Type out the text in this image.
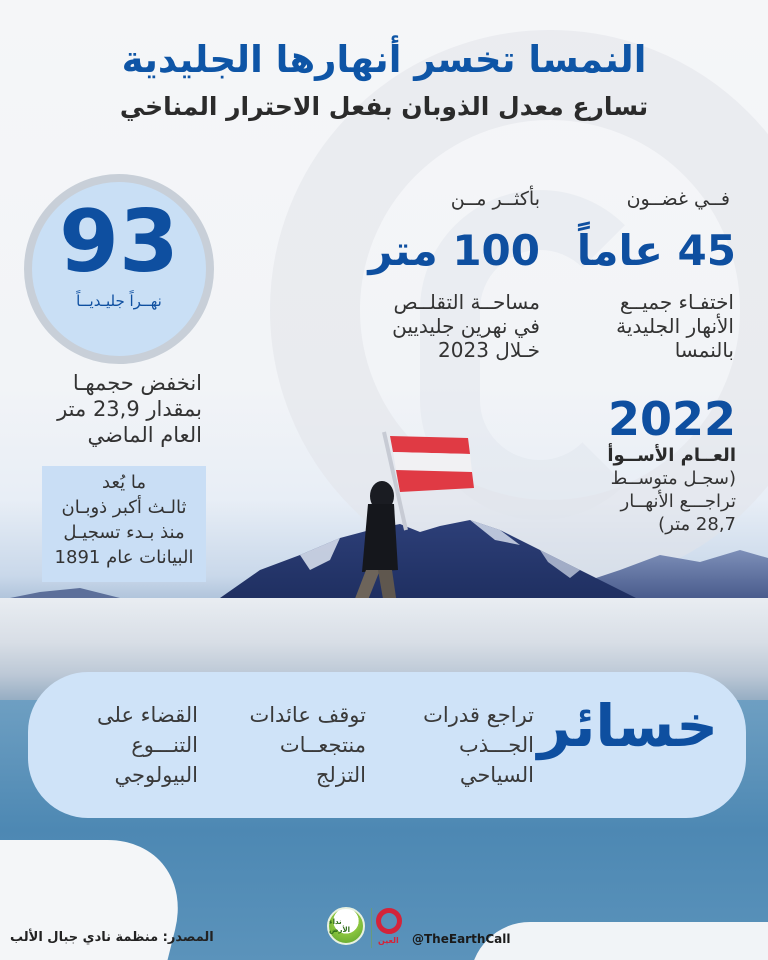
النمسا تخسر أنهارها الجليدية
تسارع معدل الذوبان بفعل الاحترار المناخي
93
نهــراً جليـديــاً
انخفض حجمهـا
بمقدار 23,9 متر
العام الماضي
ما يُعد
ثالـث أكبر ذوبـان
منذ بـدء تسجيـل
البيانات عام 1891
فــي غضــون
45 عاماً
اختفـاء جميــع
الأنهار الجليدية
بالنمسا
بأكثــر مــن
100 متر
مساحــة التقلــص
في نهرين جليديين
خـلال 2023
2022
العــام الأســوأ
(سجـل متوســط
تراجـــع الأنهــار
28,7 متر)
خسائر
تراجع قدرات
الجـــذب
السياحي
توقف عائدات
منتجعــات
التزلج
القضاء على
التنـــوع
البيولوجي
المصدر: منظمة نادي جبال الألب
نداء الأرض
العين @TheEarthCall
